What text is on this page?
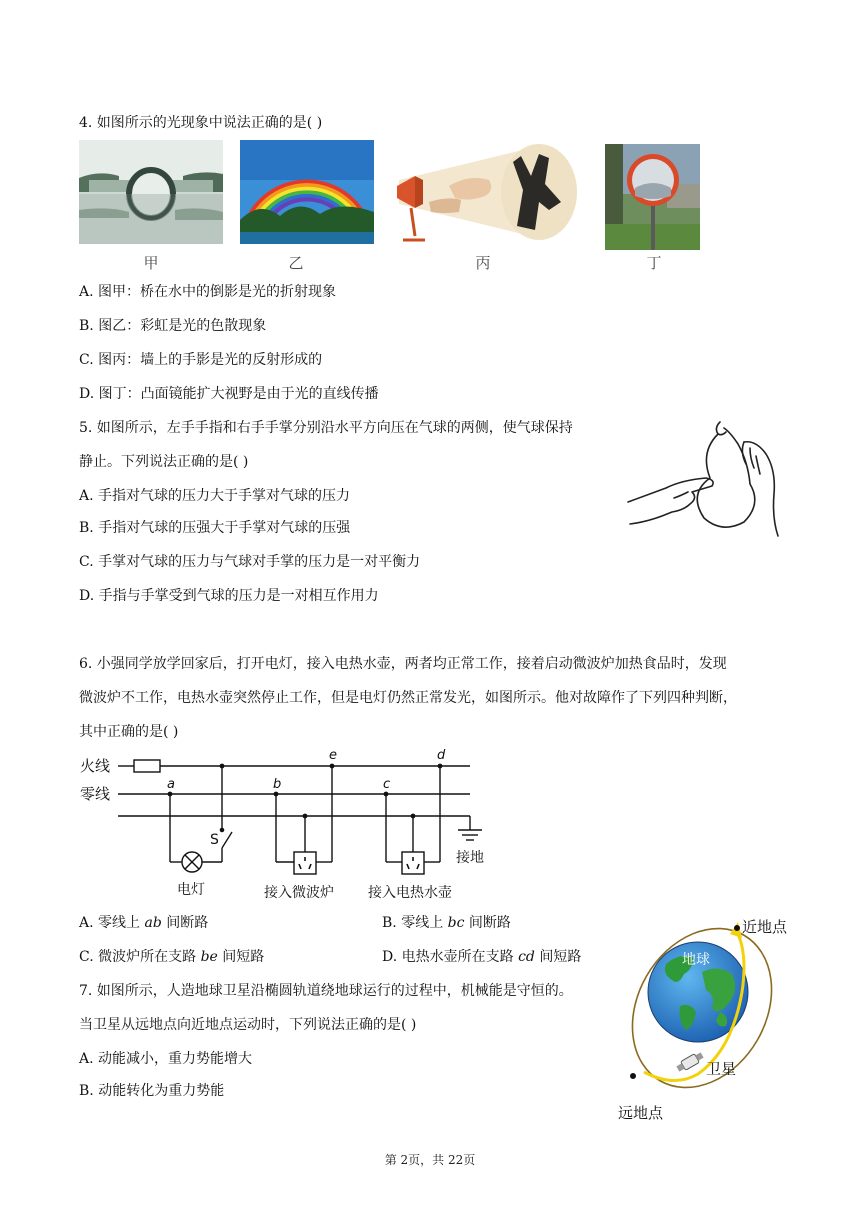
4. 如图所示的光现象中说法正确的是( )
甲	乙	丙	丁
A. 图甲：桥在水中的倒影是光的折射现象
B. 图乙：彩虹是光的色散现象
C. 图丙：墙上的手影是光的反射形成的
D. 图丁：凸面镜能扩大视野是由于光的直线传播
5. 如图所示，左手手指和右手手掌分别沿水平方向压在气球的两侧，使气球保持
静止。下列说法正确的是( )
A. 手指对气球的压力大于手掌对气球的压力
B. 手指对气球的压强大于手掌对气球的压强
C. 手掌对气球的压力与气球对手掌的压力是一对平衡力
D. 手指与手掌受到气球的压力是一对相互作用力
6. 小强同学放学回家后，打开电灯，接入电热水壶，两者均正常工作，接着启动微波炉加热食品时，发现
微波炉不工作，电热水壶突然停止工作，但是电灯仍然正常发光，如图所示。他对故障作了下列四种判断，
其中正确的是( )
火线
零线
S
电灯	接入微波炉 接入电热水壶
接地
a	b	c
d
e
A. 零线上 ab 间断路	B. 零线上 bc 间断路
C. 微波炉所在支路 be 间短路	D. 电热水壶所在支路 cd 间短路
7. 如图所示，人造地球卫星沿椭圆轨道绕地球运行的过程中，机械能是守恒的。
当卫星从远地点向近地点运动时，下列说法正确的是( )
A. 动能减小，重力势能增大
B. 动能转化为重力势能
近地点
地球
卫星
远地点
第 2页，共 22页
